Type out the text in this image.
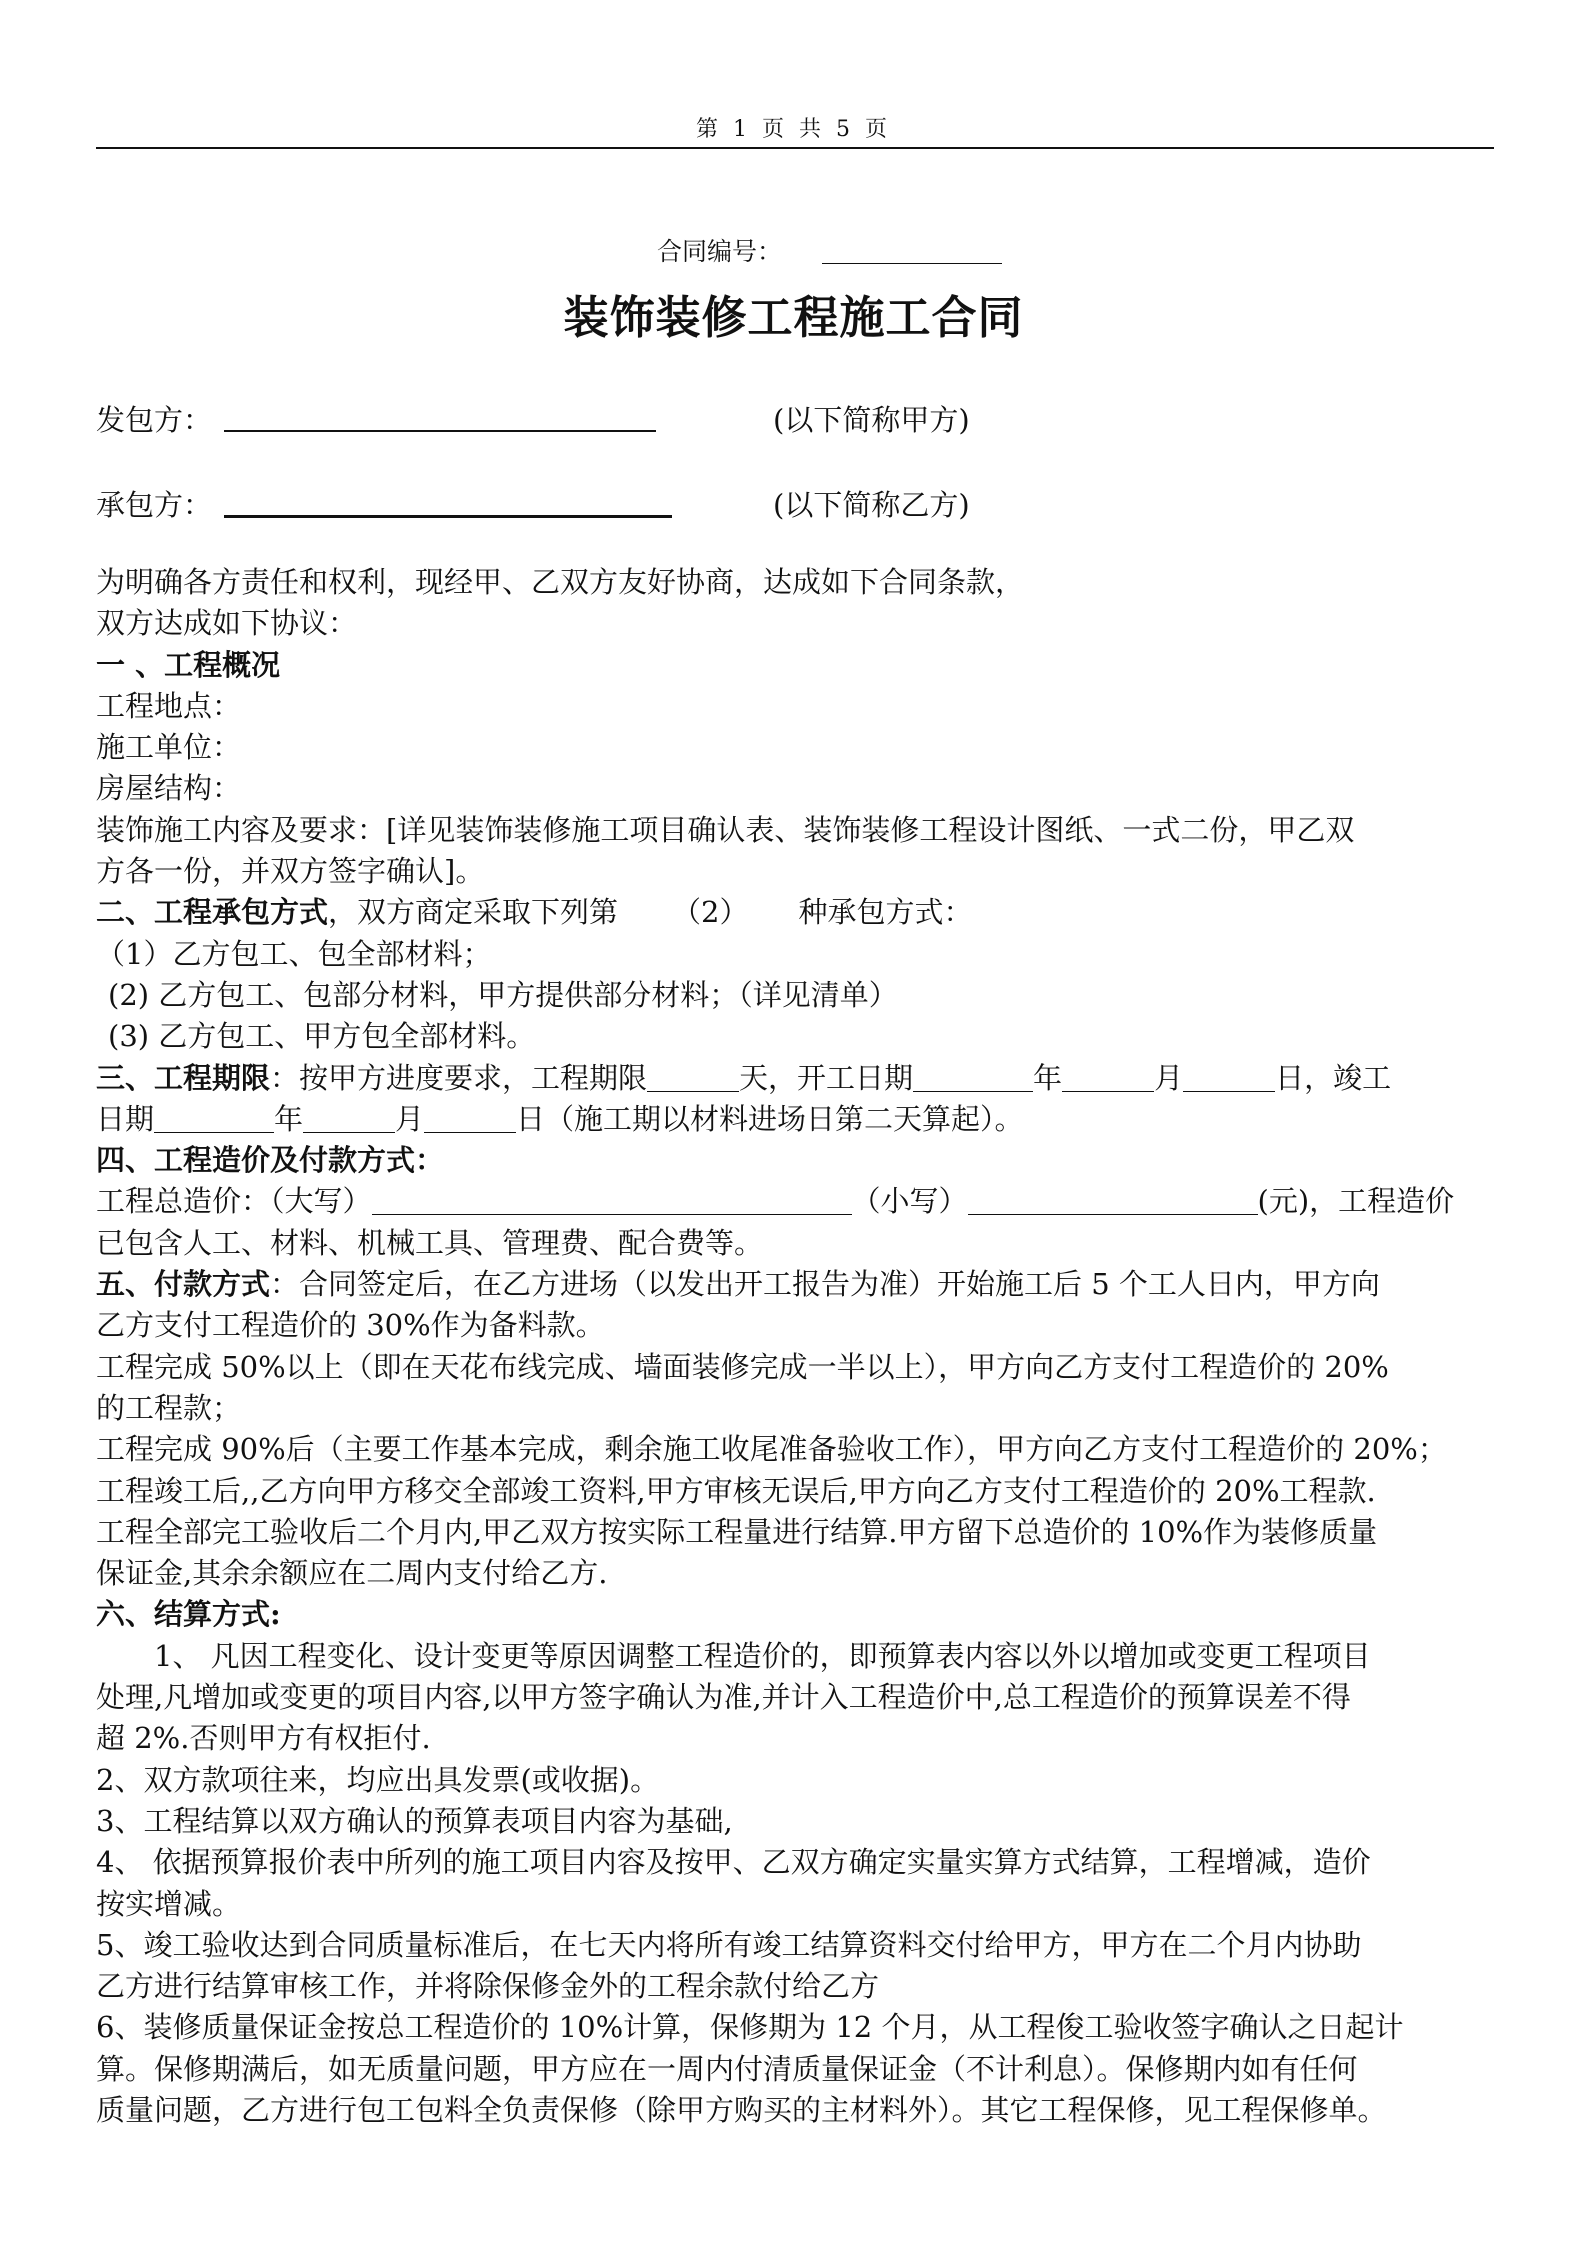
第 1 页 共 5 页
合同编号：
装饰装修工程施工合同
发包方：	(以下简称甲方)
承包方：	(以下简称乙方)

为明确各方责任和权利，现经甲、乙双方友好协商，达成如下合同条款，

双方达成如下协议：

一 、工程概况

工程地点：

施工单位：

房屋结构：

装饰施工内容及要求：[详见装饰装修施工项目确认表、装饰装修工程设计图纸、一式二份，甲乙双

方各一份，并双方签字确认]。

二、工程承包方式，双方商定采取下列第 （2） 种承包方式：

（1）乙方包工、包全部材料；

(2) 乙方包工、包部分材料，甲方提供部分材料；（详见清单）

(3) 乙方包工、甲方包全部材料。

三、工程期限：按甲方进度要求，工程期限	天，开工日期	年	月	日，竣工

日期	年	月	日（施工期以材料进场日第二天算起）。

四、工程造价及付款方式：

工程总造价：（大写）	（小写）	(元)，工程造价

已包含人工、材料、机械工具、管理费、配合费等。

五、付款方式：合同签定后，在乙方进场（以发出开工报告为准）开始施工后 5 个工人日内，甲方向

乙方支付工程造价的 30%作为备料款。

工程完成 50%以上（即在天花布线完成、墙面装修完成一半以上），甲方向乙方支付工程造价的 20%

的工程款；

工程完成 90%后（主要工作基本完成，剩余施工收尾准备验收工作），甲方向乙方支付工程造价的 20%；

工程竣工后,,乙方向甲方移交全部竣工资料,甲方审核无误后,甲方向乙方支付工程造价的 20%工程款.

工程全部完工验收后二个月内,甲乙双方按实际工程量进行结算.甲方留下总造价的 10%作为装修质量

保证金,其余余额应在二周内支付给乙方.

六、结算方式:

1、 凡因工程变化、设计变更等原因调整工程造价的，即预算表内容以外以增加或变更工程项目

处理,凡增加或变更的项目内容,以甲方签字确认为准,并计入工程造价中,总工程造价的预算误差不得

超 2%.否则甲方有权拒付.

2、双方款项往来，均应出具发票(或收据)。

3、工程结算以双方确认的预算表项目内容为基础,

4、 依据预算报价表中所列的施工项目内容及按甲、乙双方确定实量实算方式结算，工程增减，造价

按实增减。

5、竣工验收达到合同质量标准后，在七天内将所有竣工结算资料交付给甲方，甲方在二个月内协助

乙方进行结算审核工作，并将除保修金外的工程余款付给乙方

6、装修质量保证金按总工程造价的 10%计算，保修期为 12 个月，从工程俊工验收签字确认之日起计

算。保修期满后，如无质量问题，甲方应在一周内付清质量保证金（不计利息）。保修期内如有任何

质量问题，乙方进行包工包料全负责保修（除甲方购买的主材料外）。其它工程保修，见工程保修单。
